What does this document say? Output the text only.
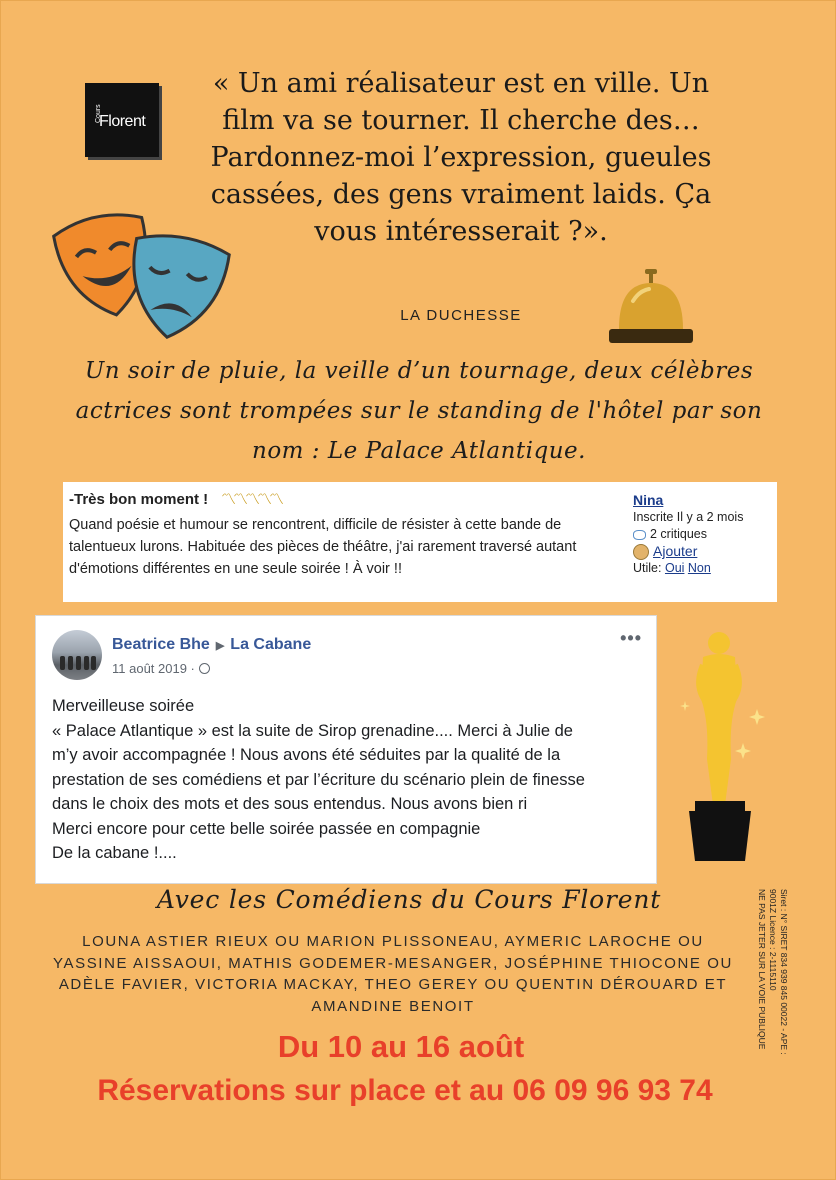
Cours
Florent
« Un ami réalisateur est en ville. Un film va se tourner. Il cherche des… Pardonnez-moi l’expression, gueules cassées, des gens vraiment laids. Ça vous intéresserait ?».
LA DUCHESSE
Un soir de pluie, la veille d’un tournage, deux célèbres actrices sont trompées sur le standing de l'hôtel par son nom : Le Palace Atlantique.
-Très bon moment ! 〽〽〽〽〽
Quand poésie et humour se rencontrent, difficile de résister à cette bande de talentueux lurons. Habituée des pièces de théâtre, j'ai rarement traversé autant d'émotions différentes en une seule soirée ! À voir !!
Nina
Inscrite Il y a 2 mois
2 critiques
Ajouter
Utile: Oui Non
Beatrice Bhe ▶ La Cabane
11 août 2019 ·
•••
Merveilleuse soirée
« Palace Atlantique » est la suite de Sirop grenadine.... Merci à Julie de
m’y avoir accompagnée ! Nous avons été séduites par la qualité de la
prestation de ses comédiens et par l’écriture du scénario plein de finesse
dans le choix des mots et des sous entendus. Nous avons bien ri
Merci encore pour cette belle soirée passée en compagnie
De la cabane !....
Avec les Comédiens du Cours Florent
LOUNA ASTIER RIEUX OU MARION PLISSONEAU, AYMERIC LAROCHE OU YASSINE AISSAOUI, MATHIS GODEMER-MESANGER, JOSÉPHINE THIOCONE OU ADÈLE FAVIER, VICTORIA MACKAY, THEO GEREY OU QUENTIN DÉROUARD ET AMANDINE BENOIT	Siret : N° SIRET 834 939 845 00022 - APE : 9001Z Licence : 2-1115110
NE PAS JETER SUR LA VOIE PUBLIQUE
Du 10 au 16 août
Réservations sur place et au 06 09 96 93 74
